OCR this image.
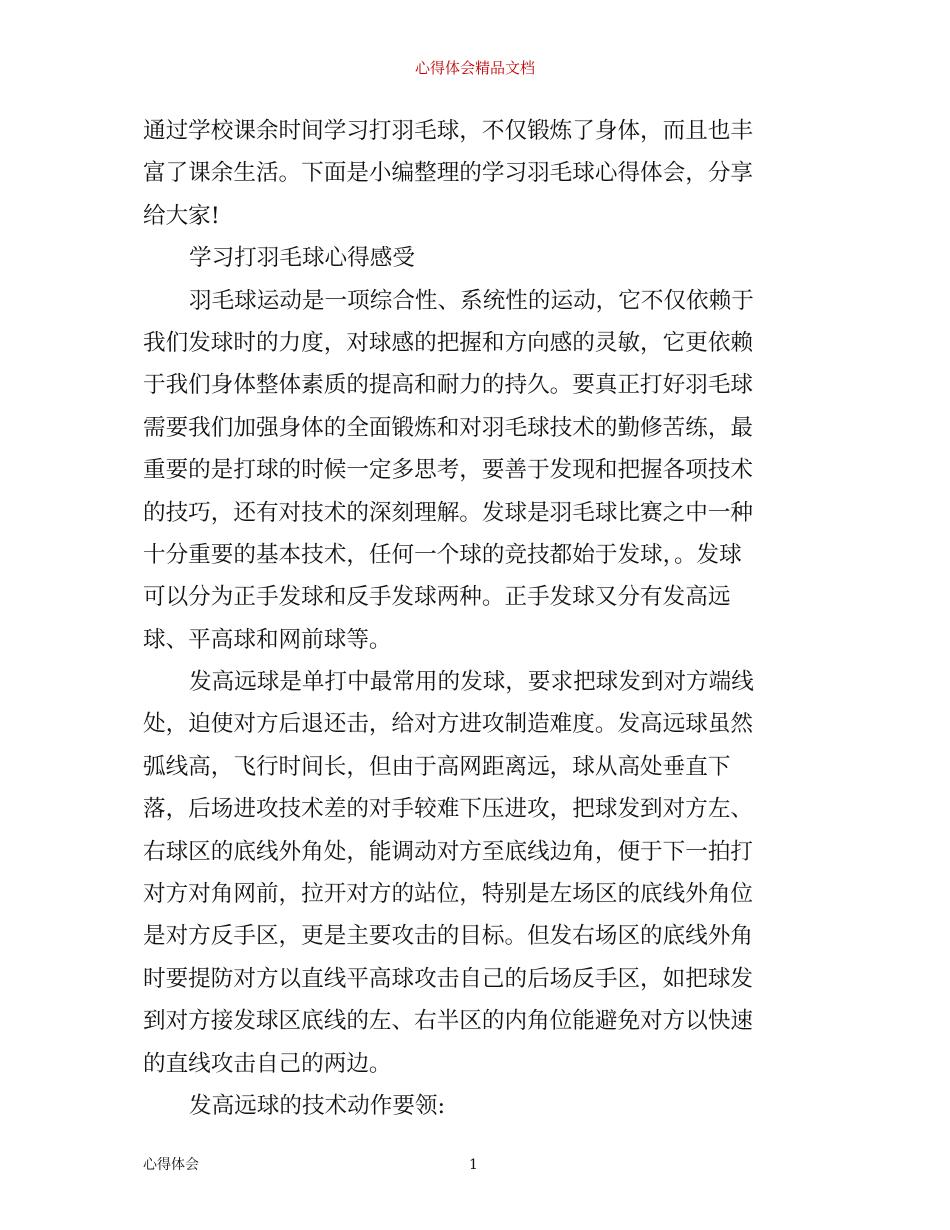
心得体会精品文档
通过学校课余时间学习打羽毛球，不仅锻炼了身体，而且也丰
富了课余生活。下面是小编整理的学习羽毛球心得体会，分享
给大家!
学习打羽毛球心得感受
羽毛球运动是一项综合性、系统性的运动，它不仅依赖于
我们发球时的力度，对球感的把握和方向感的灵敏，它更依赖
于我们身体整体素质的提高和耐力的持久。要真正打好羽毛球
需要我们加强身体的全面锻炼和对羽毛球技术的勤修苦练，最
重要的是打球的时候一定多思考，要善于发现和把握各项技术
的技巧，还有对技术的深刻理解。发球是羽毛球比赛之中一种
十分重要的基本技术，任何一个球的竞技都始于发球，。发球
可以分为正手发球和反手发球两种。正手发球又分有发高远
球、平高球和网前球等。
发高远球是单打中最常用的发球，要求把球发到对方端线
处，迫使对方后退还击，给对方进攻制造难度。发高远球虽然
弧线高，飞行时间长，但由于高网距离远，球从高处垂直下
落，后场进攻技术差的对手较难下压进攻，把球发到对方左、
右球区的底线外角处，能调动对方至底线边角，便于下一拍打
对方对角网前，拉开对方的站位，特别是左场区的底线外角位
是对方反手区，更是主要攻击的目标。但发右场区的底线外角
时要提防对方以直线平高球攻击自己的后场反手区，如把球发
到对方接发球区底线的左、右半区的内角位能避免对方以快速
的直线攻击自己的两边。
发高远球的技术动作要领:
心得体会	1
